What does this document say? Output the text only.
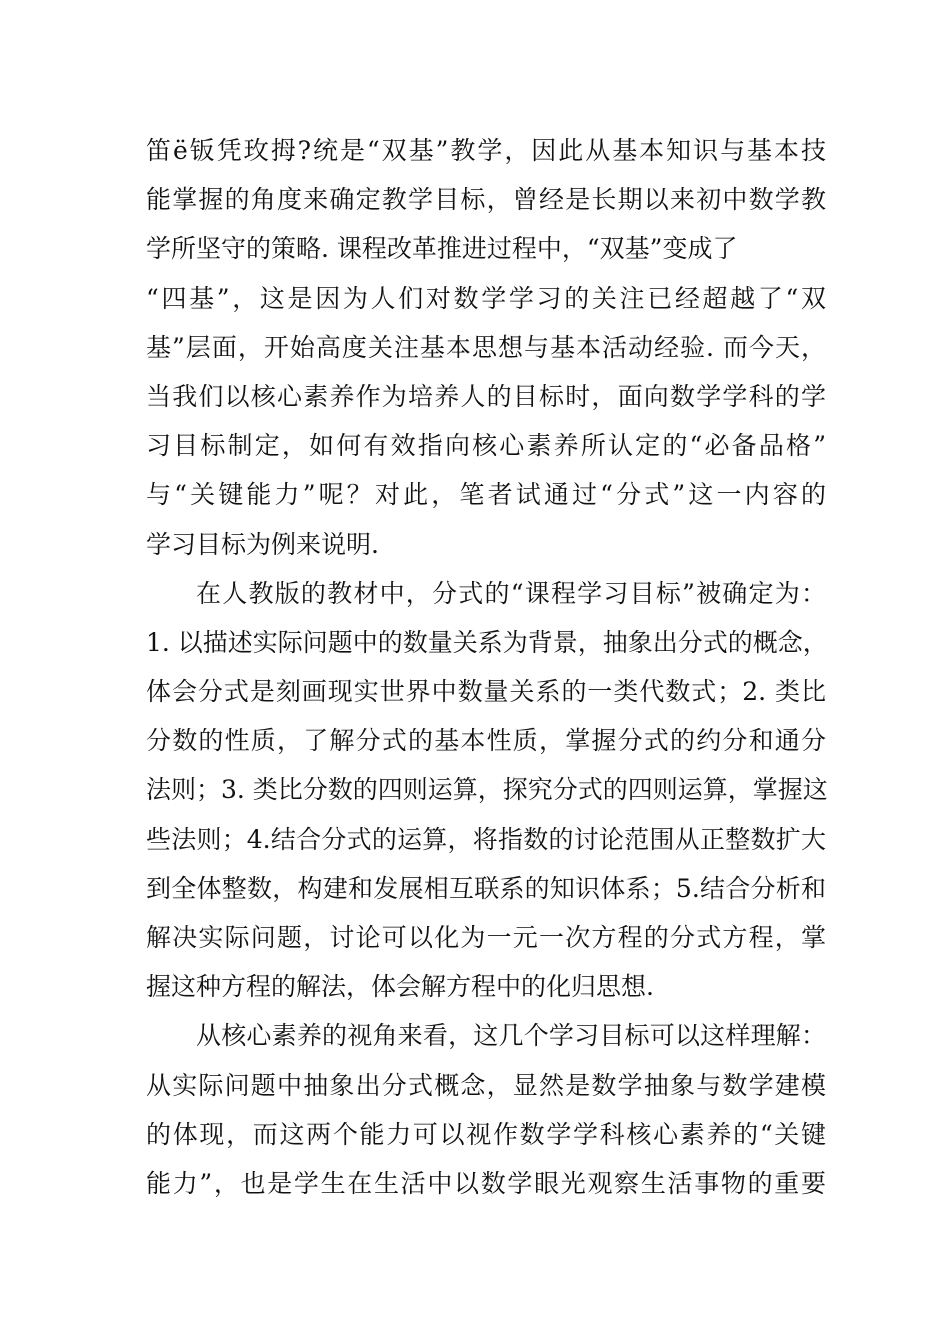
笛ё钣凭玫拇?统是“双基”教学，因此从基本知识与基本技
能掌握的角度来确定教学目标，曾经是长期以来初中数学教
学所坚守的策略. 课程改革推进过程中，“双基”变成了
“四基”，这是因为人们对数学学习的关注已经超越了“双
基”层面，开始高度关注基本思想与基本活动经验. 而今天，
当我们以核心素养作为培养人的目标时，面向数学学科的学
习目标制定，如何有效指向核心素养所认定的“必备品格”
与“关键能力”呢？对此，笔者试通过“分式”这一内容的
学习目标为例来说明.
在人教版的教材中，分式的“课程学习目标”被确定为：
1. 以描述实际问题中的数量关系为背景，抽象出分式的概念，
体会分式是刻画现实世界中数量关系的一类代数式；2. 类比
分数的性质，了解分式的基本性质，掌握分式的约分和通分
法则；3. 类比分数的四则运算，探究分式的四则运算，掌握这
些法则；4.结合分式的运算，将指数的讨论范围从正整数扩大
到全体整数，构建和发展相互联系的知识体系；5.结合分析和
解决实际问题，讨论可以化为一元一次方程的分式方程，掌
握这种方程的解法，体会解方程中的化归思想.
从核心素养的视角来看，这几个学习目标可以这样理解：
从实际问题中抽象出分式概念，显然是数学抽象与数学建模
的体现，而这两个能力可以视作数学学科核心素养的“关键
能力”，也是学生在生活中以数学眼光观察生活事物的重要
